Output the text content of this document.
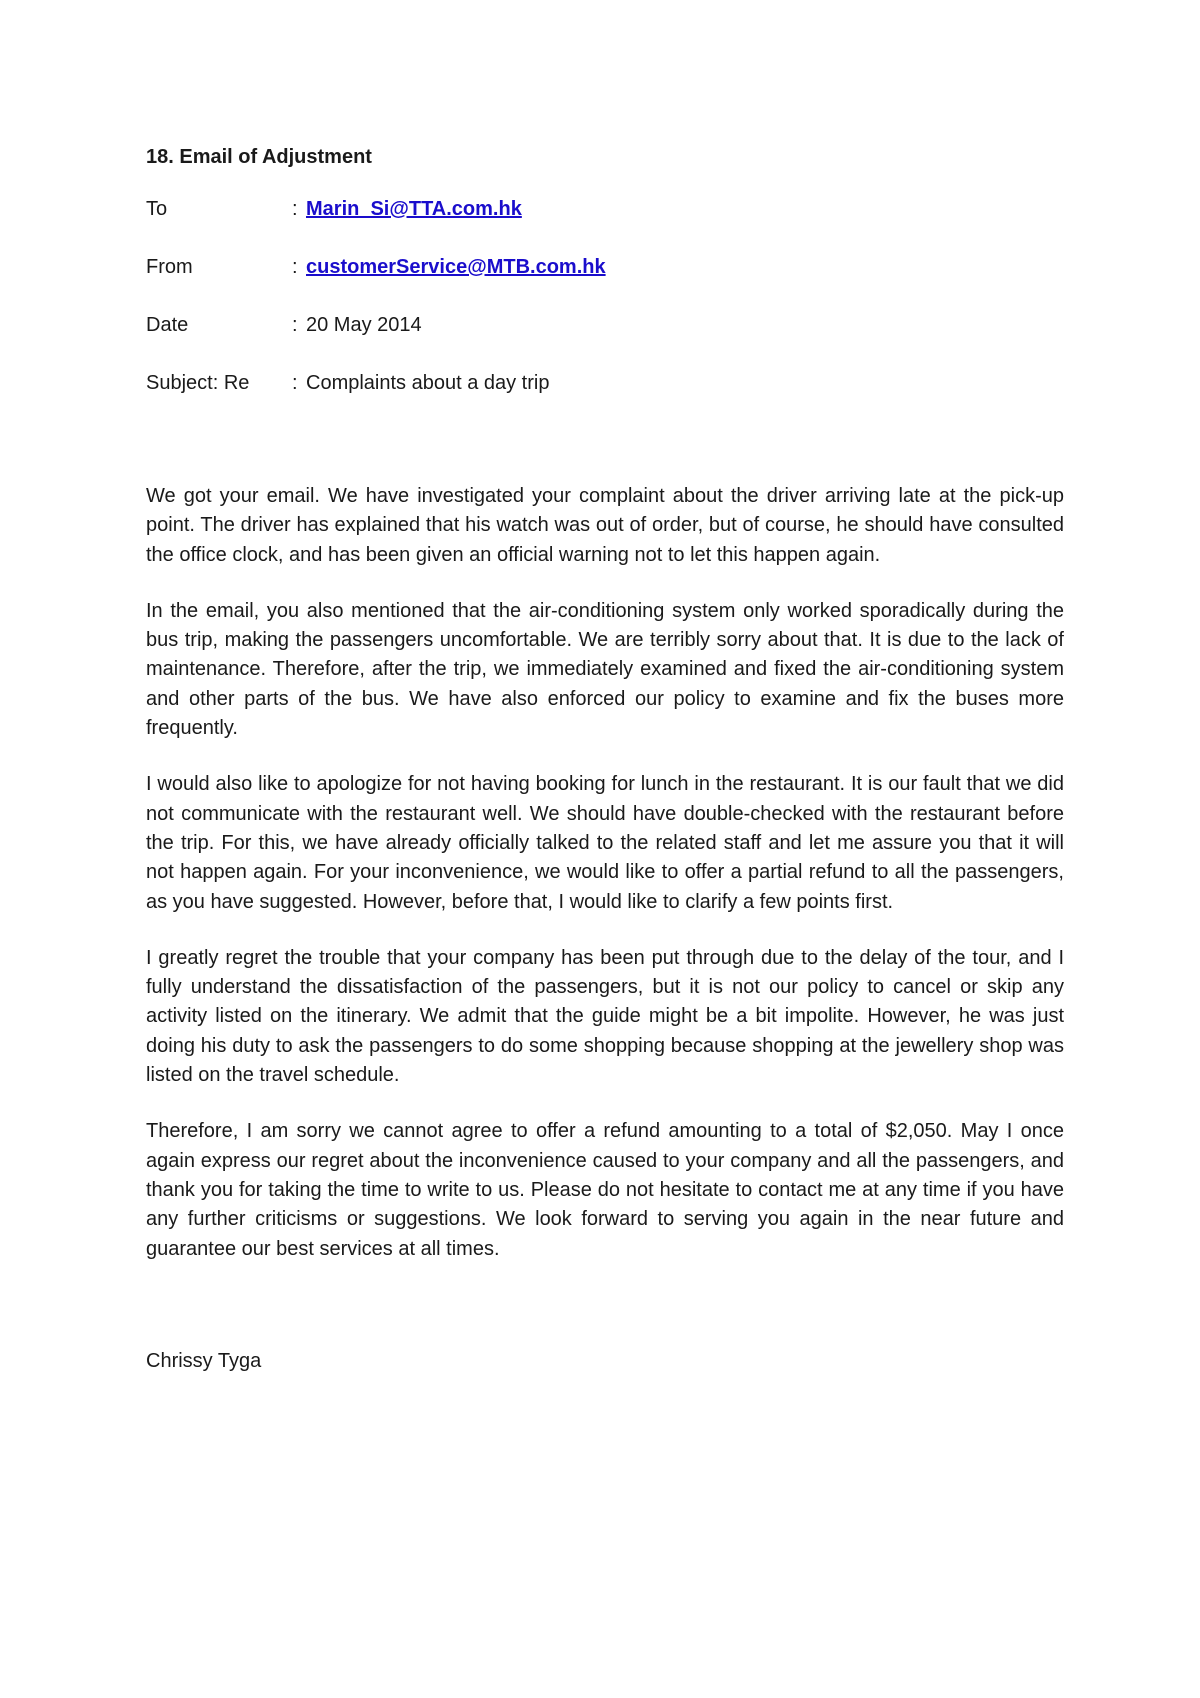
18. Email of Adjustment
To	: Marin_Si@TTA.com.hk
From	: customerService@MTB.com.hk
Date	: 20 May 2014
Subject: Re	: Complaints about a day trip

We got your email. We have investigated your complaint about the driver arriving late at the pick-up point. The driver has explained that his watch was out of order, but of course, he should have consulted the office clock, and has been given an official warning not to let this happen again.

In the email, you also mentioned that the air-conditioning system only worked sporadically during the bus trip, making the passengers uncomfortable. We are terribly sorry about that. It is due to the lack of maintenance. Therefore, after the trip, we immediately examined and fixed the air-conditioning system and other parts of the bus. We have also enforced our policy to examine and fix the buses more frequently.

I would also like to apologize for not having booking for lunch in the restaurant. It is our fault that we did not communicate with the restaurant well. We should have double-checked with the restaurant before the trip. For this, we have already officially talked to the related staff and let me assure you that it will not happen again. For your inconvenience, we would like to offer a partial refund to all the passengers, as you have suggested. However, before that, I would like to clarify a few points first.

I greatly regret the trouble that your company has been put through due to the delay of the tour, and I fully understand the dissatisfaction of the passengers, but it is not our policy to cancel or skip any activity listed on the itinerary. We admit that the guide might be a bit impolite. However, he was just doing his duty to ask the passengers to do some shopping because shopping at the jewellery shop was listed on the travel schedule.

Therefore, I am sorry we cannot agree to offer a refund amounting to a total of $2,050. May I once again express our regret about the inconvenience caused to your company and all the passengers, and thank you for taking the time to write to us. Please do not hesitate to contact me at any time if you have any further criticisms or suggestions. We look forward to serving you again in the near future and guarantee our best services at all times.

Chrissy Tyga
